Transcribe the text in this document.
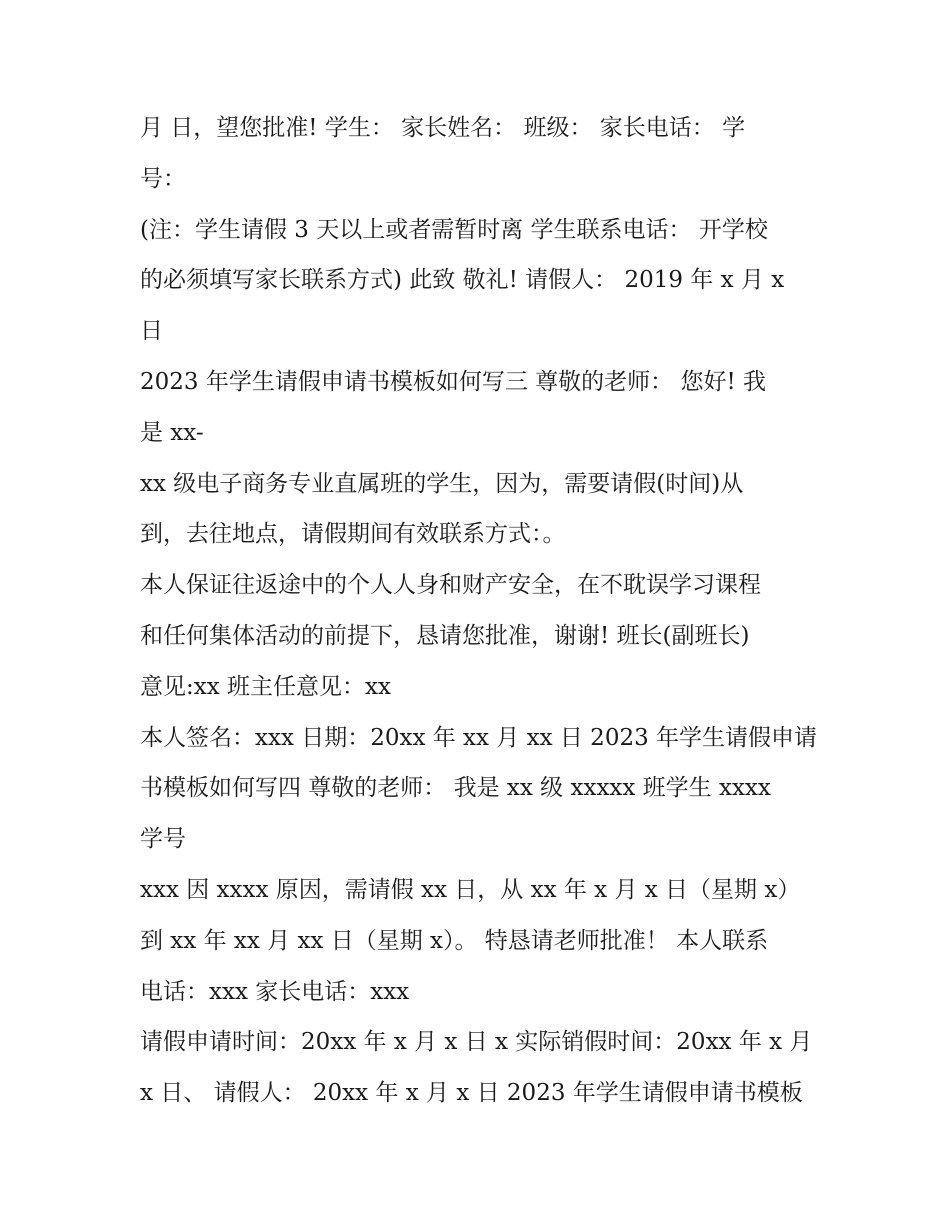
月 日，望您批准! 学生： 家长姓名： 班级： 家长电话： 学

号：

(注：学生请假 3 天以上或者需暂时离 学生联系电话： 开学校

的必须填写家长联系方式) 此致 敬礼! 请假人： 2019 年 x 月 x

日

2023 年学生请假申请书模板如何写三 尊敬的老师： 您好! 我

是 xx-

xx 级电子商务专业直属班的学生，因为，需要请假(时间)从

到，去往地点，请假期间有效联系方式：。

本人保证往返途中的个人人身和财产安全，在不耽误学习课程

和任何集体活动的前提下，恳请您批准，谢谢! 班长(副班长)

意见:xx 班主任意见：xx

本人签名：xxx 日期：20xx 年 xx 月 xx 日 2023 年学生请假申请

书模板如何写四 尊敬的老师： 我是 xx 级 xxxxx 班学生 xxxx

学号

xxx 因 xxxx 原因，需请假 xx 日，从 xx 年 x 月 x 日（星期 x）

到 xx 年 xx 月 xx 日（星期 x）。 特恳请老师批准！ 本人联系

电话：xxx 家长电话：xxx

请假申请时间：20xx 年 x 月 x 日 x 实际销假时间：20xx 年 x 月

x 日、 请假人： 20xx 年 x 月 x 日 2023 年学生请假申请书模板
